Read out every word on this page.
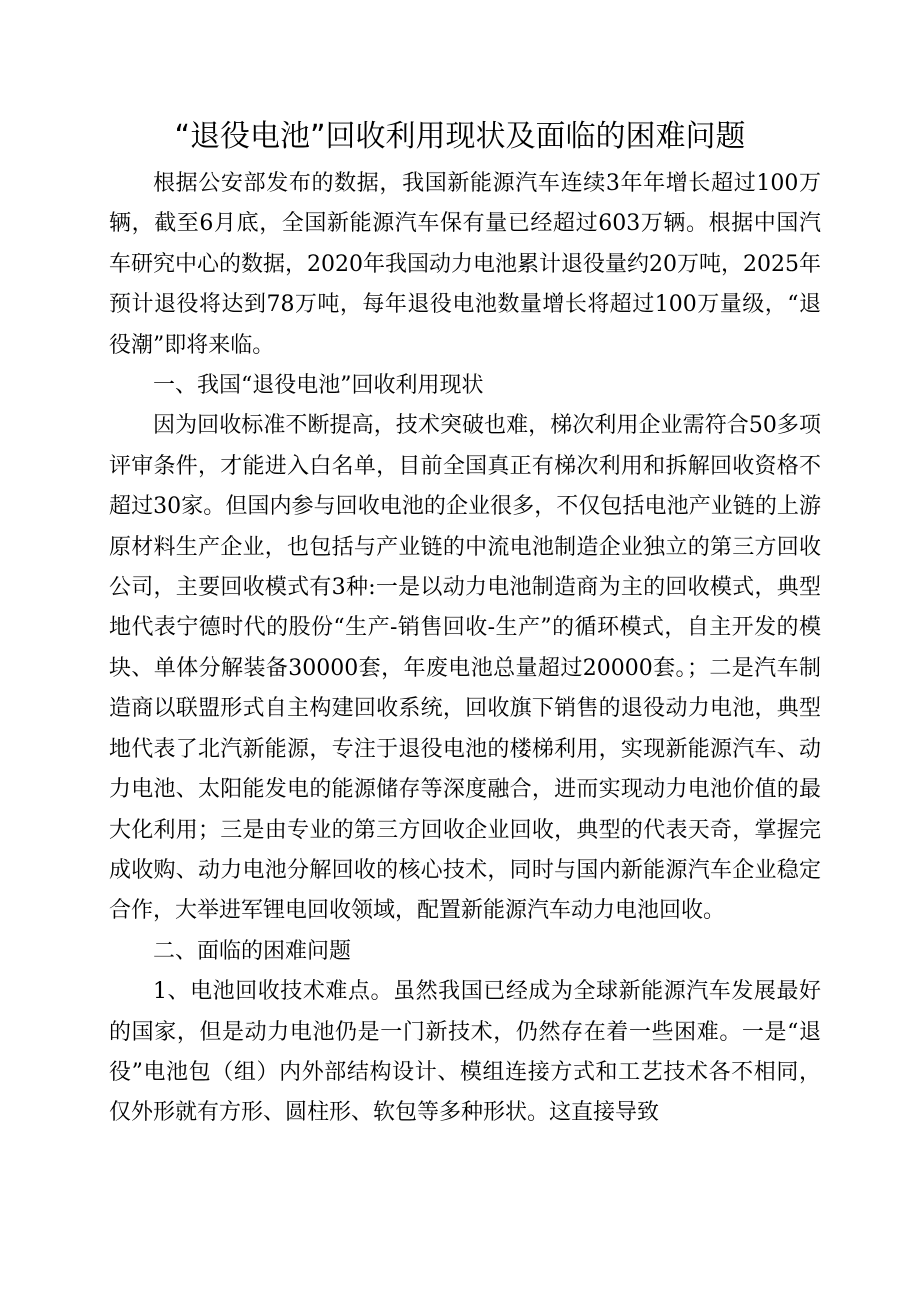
“退役电池”回收利用现状及面临的困难问题

根据公安部发布的数据，我国新能源汽车连续3年年增长超过100万辆，截至6月底，全国新能源汽车保有量已经超过603万辆。根据中国汽车研究中心的数据，2020年我国动力电池累计退役量约20万吨，2025年预计退役将达到78万吨，每年退役电池数量增长将超过100万量级，“退役潮”即将来临。

一、我国“退役电池”回收利用现状

因为回收标准不断提高，技术突破也难，梯次利用企业需符合50多项评审条件，才能进入白名单，目前全国真正有梯次利用和拆解回收资格不超过30家。但国内参与回收电池的企业很多，不仅包括电池产业链的上游原材料生产企业，也包括与产业链的中流电池制造企业独立的第三方回收公司，主要回收模式有3种:一是以动力电池制造商为主的回收模式，典型地代表宁德时代的股份“生产-销售回收-生产”的循环模式，自主开发的模块、单体分解装备30000套，年废电池总量超过20000套。；二是汽车制造商以联盟形式自主构建回收系统，回收旗下销售的退役动力电池，典型地代表了北汽新能源，专注于退役电池的楼梯利用，实现新能源汽车、动力电池、太阳能发电的能源储存等深度融合，进而实现动力电池价值的最大化利用；三是由专业的第三方回收企业回收，典型的代表天奇，掌握完成收购、动力电池分解回收的核心技术，同时与国内新能源汽车企业稳定合作，大举进军锂电回收领域，配置新能源汽车动力电池回收。

二、面临的困难问题

1、电池回收技术难点。虽然我国已经成为全球新能源汽车发展最好的国家，但是动力电池仍是一门新技术，仍然存在着一些困难。一是“退役”电池包（组）内外部结构设计、模组连接方式和工艺技术各不相同，仅外形就有方形、圆柱形、软包等多种形状。这直接导致
